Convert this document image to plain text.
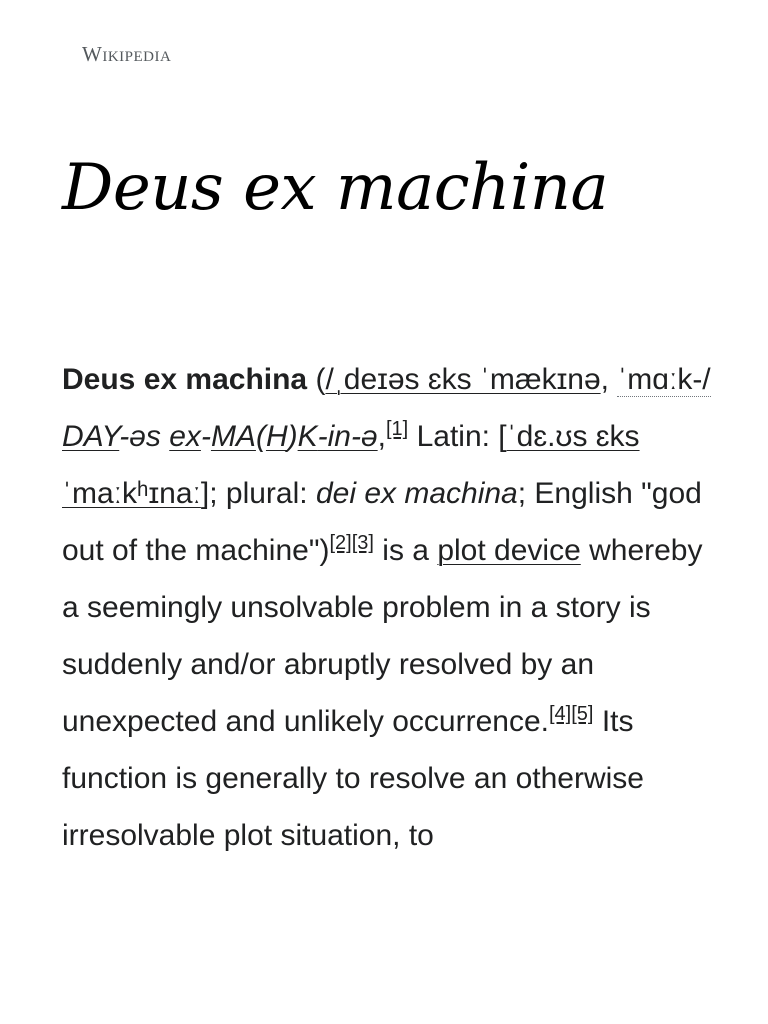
Wikipedia
Deus ex machina
Deus ex machina (/ˌdeɪəs ɛks ˈmækɪnə, ˈmɑːk-/ DAY-əs ex-MA(H)K-in-ə,[1] Latin: [ˈdɛ.ʊs ɛks ˈmaːkʰɪnaː]; plural: dei ex machina; English "god out of the machine")[2][3] is a plot device whereby a seemingly unsolvable problem in a story is suddenly and/or abruptly resolved by an unexpected and unlikely occurrence.[4][5] Its function is generally to resolve an otherwise irresolvable plot situation, to
